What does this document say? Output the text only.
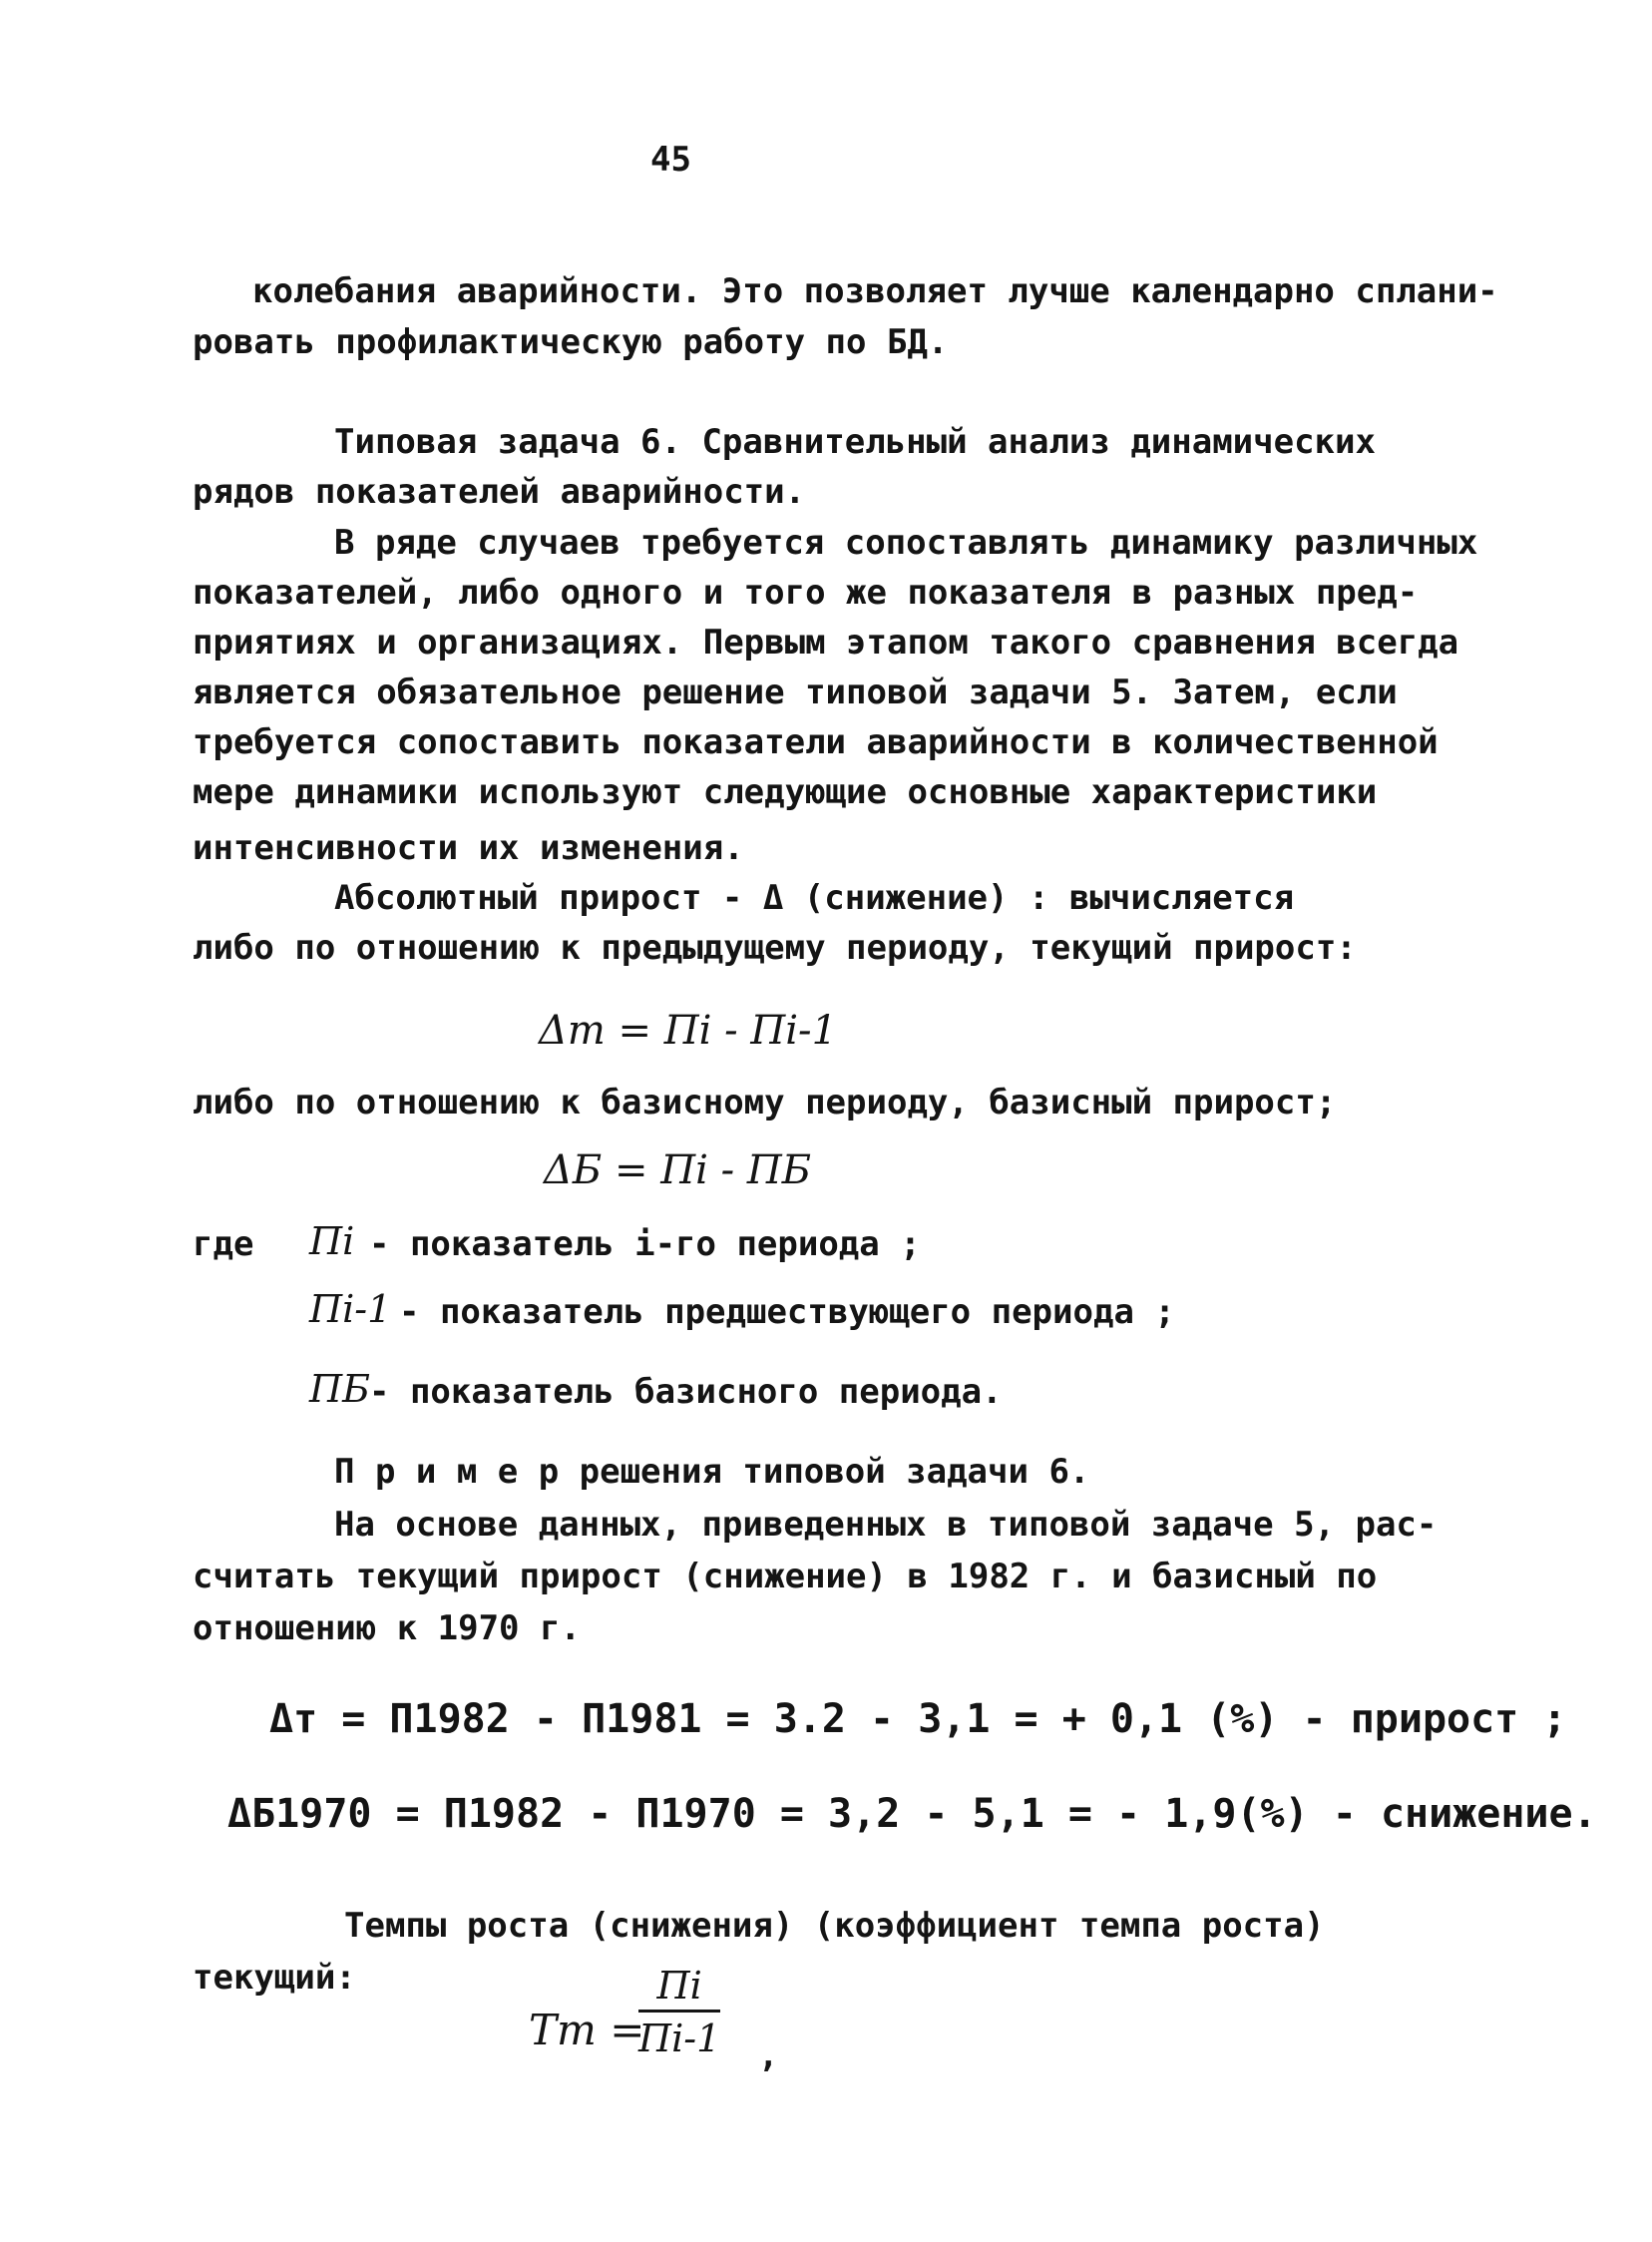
45
колебания аварийности. Это позволяет лучше календарно сплани-
ровать профилактическую работу по БД.
Типовая задача 6. Сравнительный анализ динамических
рядов показателей аварийности.
В ряде случаев требуется сопоставлять динамику различных
показателей, либо одного и того же показателя в разных пред-
приятиях и организациях. Первым этапом такого сравнения всегда
является обязательное решение типовой задачи 5. Затем, если
требуется сопоставить показатели аварийности в количественной
мере динамики используют следующие основные характеристики
интенсивности их изменения.
Абсолютный прирост - Δ (снижение) : вычисляется
либо по отношению к предыдущему периоду, текущий прирост:
Δт = Пi - Пi-1
либо по отношению к базисному периоду, базисный прирост;
ΔБ = Пi - ПБ
где Пi - показатель i-го периода ;
Пi-1 - показатель предшествующего периода ;
ПБ
- показатель базисного периода.
П р и м е р решения типовой задачи 6.
На основе данных, приведенных в типовой задаче 5, рас-
считать текущий прирост (снижение) в 1982 г. и базисный по
отношению к 1970 г.
Δт = П1982 - П1981 = 3.2 - 3,1 = + 0,1 (%) - прирост ;
ΔБ1970 = П1982 - П1970 = 3,2 - 5,1 = - 1,9(%) - снижение.
Темпы роста (снижения) (коэффициент темпа роста)
текущий:
Тт =
Пi
Пi-1 ,
